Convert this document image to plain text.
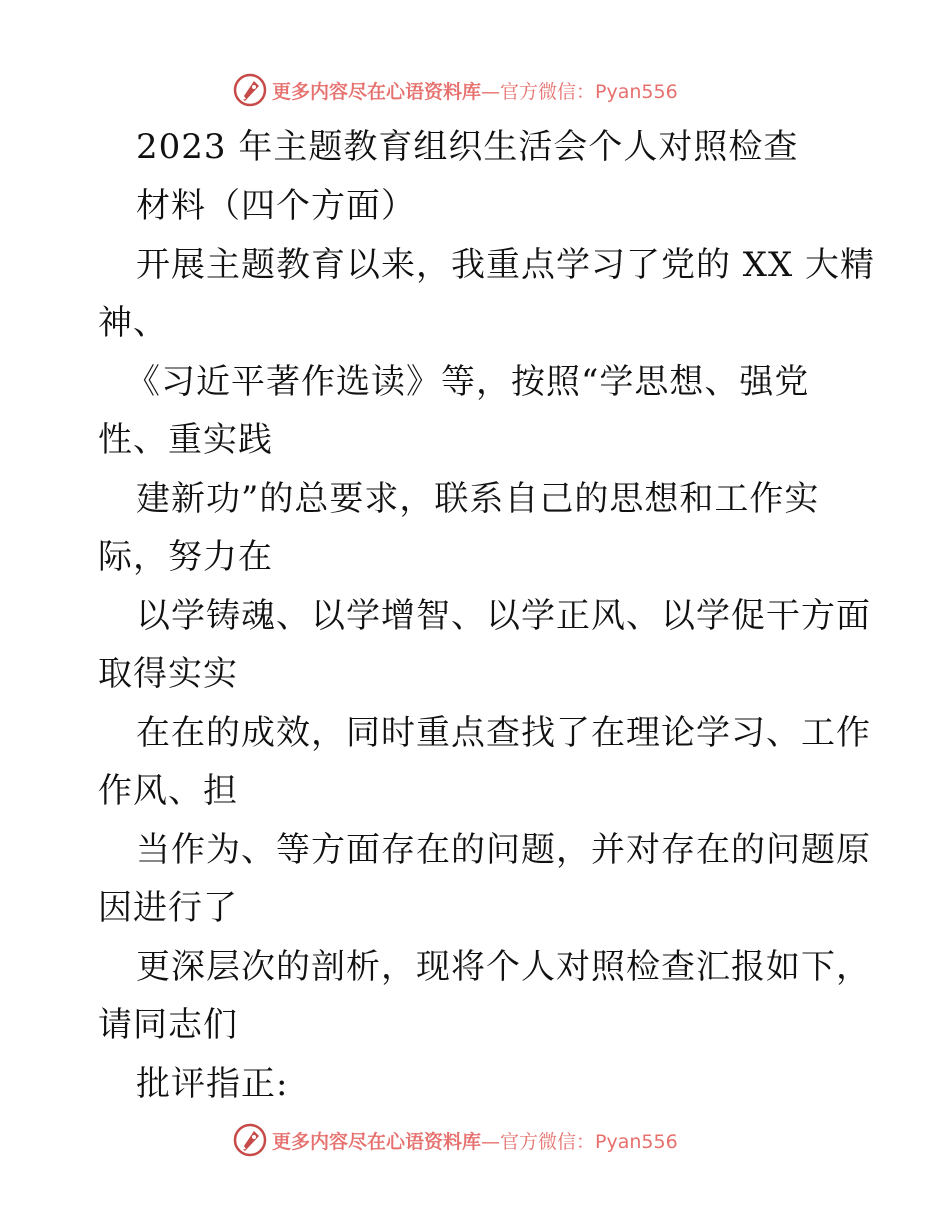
更多内容尽在心语资料库 —官方微信：Pyan556
2023 年主题教育组织生活会个人对照检查
材料（四个方面）
开展主题教育以来，我重点学习了党的 XX 大精
神、
《习近平著作选读》等，按照“学思想、强党
性、重实践
建新功”的总要求，联系自己的思想和工作实
际，努力在
以学铸魂、以学增智、以学正风、以学促干方面
取得实实
在在的成效，同时重点查找了在理论学习、工作
作风、担
当作为、等方面存在的问题，并对存在的问题原
因进行了
更深层次的剖析，现将个人对照检查汇报如下，
请同志们
批评指正:
更多内容尽在心语资料库 —官方微信：Pyan556
